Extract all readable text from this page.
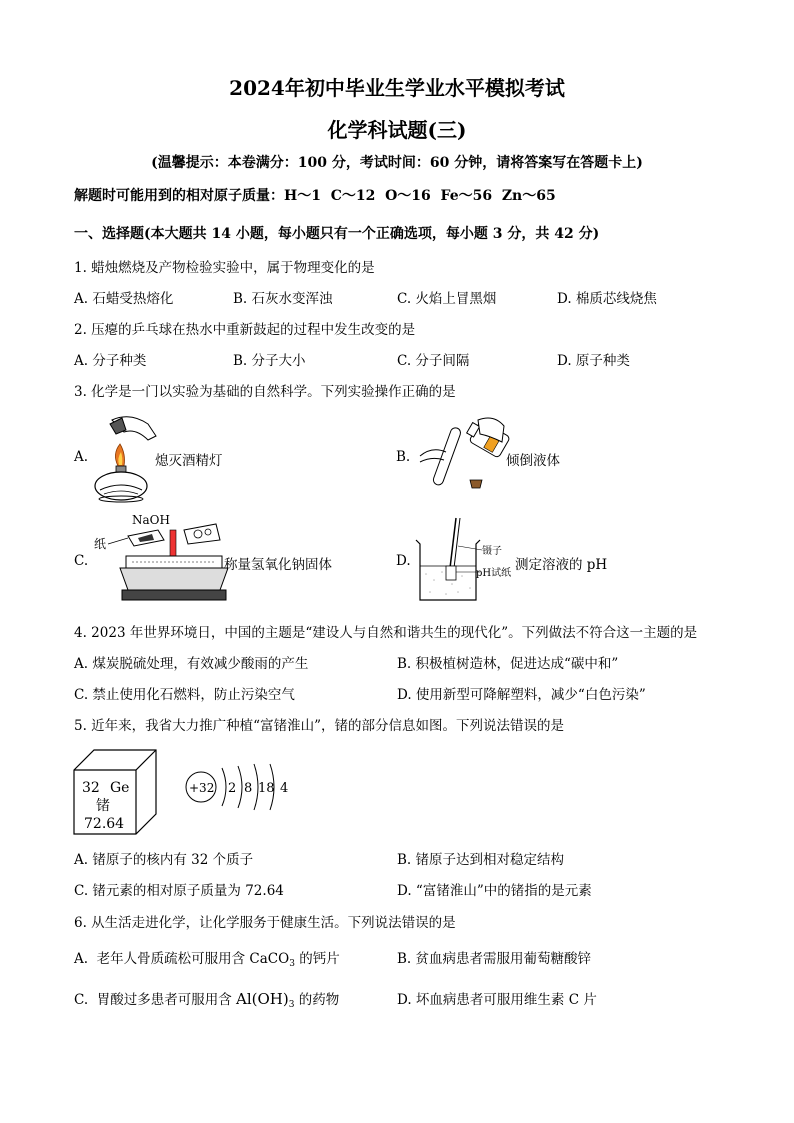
2024年初中毕业生学业水平模拟考试
化学科试题(三)
(温馨提示：本卷满分：100 分，考试时间：60 分钟，请将答案写在答题卡上)
解题时可能用到的相对原子质量：H～1  C～12  O～16  Fe～56  Zn～65
一、选择题(本大题共 14 小题，每小题只有一个正确选项，每小题 3 分，共 42 分)
1. 蜡烛燃烧及产物检验实验中，属于物理变化的是
A. 石蜡受热熔化	B. 石灰水变浑浊	C. 火焰上冒黑烟	D. 棉质芯线烧焦
2. 压瘪的乒乓球在热水中重新鼓起的过程中发生改变的是
A. 分子种类	B. 分子大小	C. 分子间隔	D. 原子种类
3. 化学是一门以实验为基础的自然科学。下列实验操作正确的是
A.	熄灭酒精灯	B.	倾倒液体
C.
NaOH
纸
称量氢氧化钠固体	D.
镊子
pH试纸
测定溶液的 pH
4. 2023 年世界环境日，中国的主题是“建设人与自然和谐共生的现代化”。下列做法不符合这一主题的是
A. 煤炭脱硫处理，有效减少酸雨的产生	B. 积极植树造林，促进达成“碳中和”
C. 禁止使用化石燃料，防止污染空气	D. 使用新型可降解塑料，减少“白色污染”
5. 近年来，我省大力推广种植“富锗淮山”，锗的部分信息如图。下列说法错误的是
32 Ge
锗
72.64
+32 2 8 18 4
A. 锗原子的核内有 32 个质子	B. 锗原子达到相对稳定结构
C. 锗元素的相对原子质量为 72.64	D. “富锗淮山”中的锗指的是元素
6. 从生活走进化学，让化学服务于健康生活。下列说法错误的是
A.  老年人骨质疏松可服用含 CaCO$_3$ 的钙片	B. 贫血病患者需服用葡萄糖酸锌
C.  胃酸过多患者可服用含 $Al(OH)_3$ 的药物	D. 坏血病患者可服用维生素 C 片
